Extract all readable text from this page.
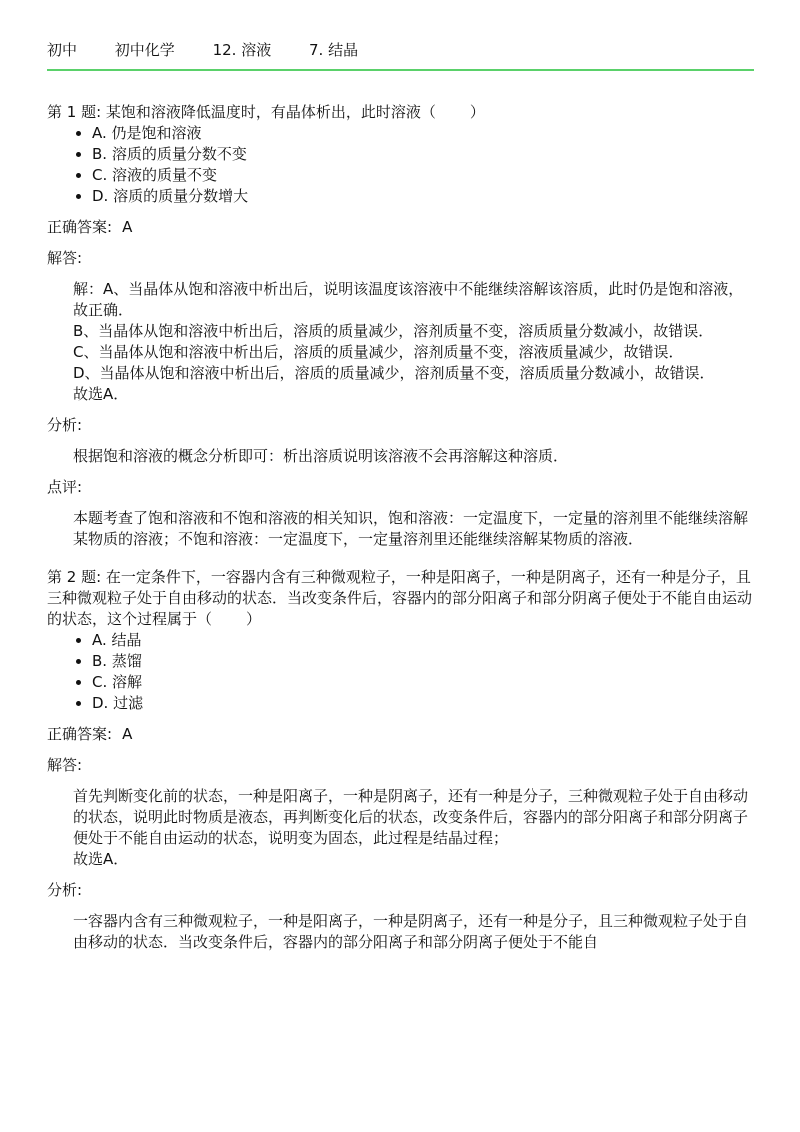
初中	初中化学	12. 溶液	7. 结晶

第 1 题: 某饱和溶液降低温度时，有晶体析出，此时溶液（ ）

• A. 仍是饱和溶液
• B. 溶质的质量分数不变
• C. 溶液的质量不变
• D. 溶质的质量分数增大
正确答案: A
解答:

解：A、当晶体从饱和溶液中析出后，说明该温度该溶液中不能继续溶解该溶质，此时仍是饱和溶液，故正确．

B、当晶体从饱和溶液中析出后，溶质的质量减少，溶剂质量不变，溶质质量分数减小，故错误．

C、当晶体从饱和溶液中析出后，溶质的质量减少，溶剂质量不变，溶液质量减少，故错误．

D、当晶体从饱和溶液中析出后，溶质的质量减少，溶剂质量不变，溶质质量分数减小，故错误．

故选A．

分析:

根据饱和溶液的概念分析即可：析出溶质说明该溶液不会再溶解这种溶质．

点评:

本题考查了饱和溶液和不饱和溶液的相关知识，饱和溶液：一定温度下，一定量的溶剂里不能继续溶解某物质的溶液；不饱和溶液：一定温度下，一定量溶剂里还能继续溶解某物质的溶液．

第 2 题: 在一定条件下，一容器内含有三种微观粒子，一种是阳离子，一种是阴离子，还有一种是分子，且三种微观粒子处于自由移动的状态．当改变条件后，容器内的部分阳离子和部分阴离子便处于不能自由运动的状态，这个过程属于（ ）

• A. 结晶
• B. 蒸馏
• C. 溶解
• D. 过滤
正确答案: A
解答:

首先判断变化前的状态，一种是阳离子，一种是阴离子，还有一种是分子，三种微观粒子处于自由移动的状态，说明此时物质是液态，再判断变化后的状态，改变条件后，容器内的部分阳离子和部分阴离子便处于不能自由运动的状态，说明变为固态，此过程是结晶过程；

故选A．

分析:

一容器内含有三种微观粒子，一种是阳离子，一种是阴离子，还有一种是分子，且三种微观粒子处于自由移动的状态．当改变条件后，容器内的部分阳离子和部分阴离子便处于不能自
